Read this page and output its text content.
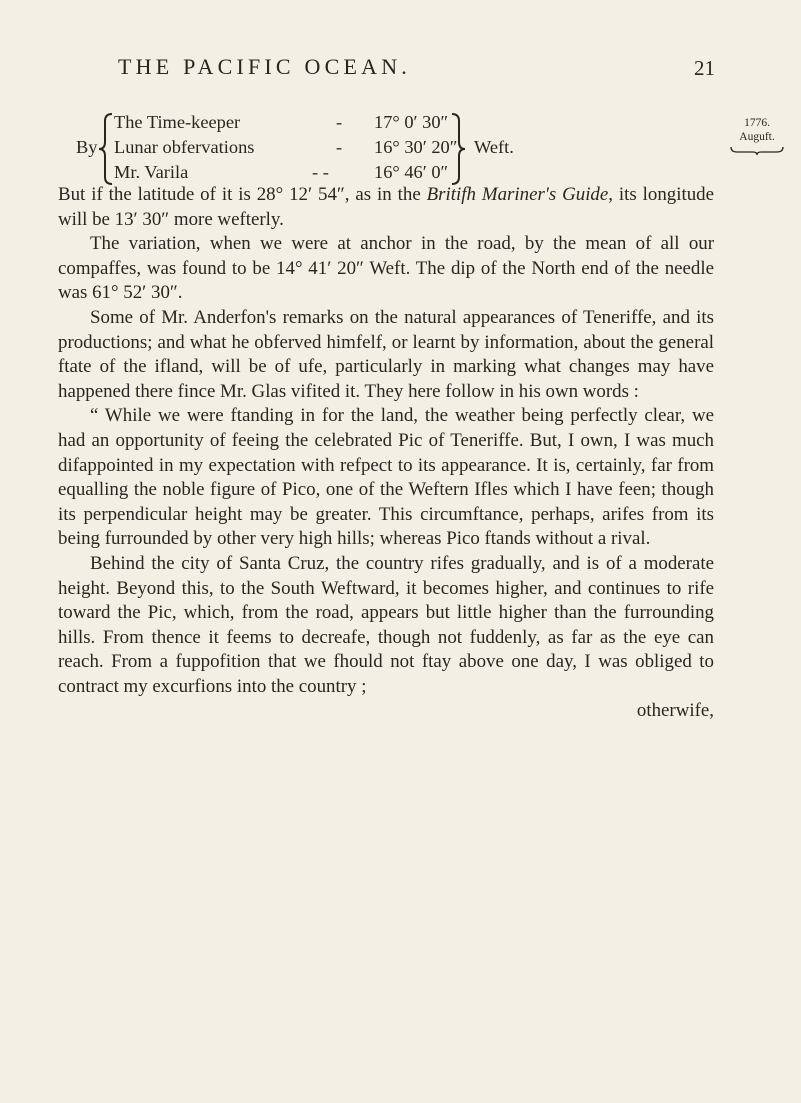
THE PACIFIC OCEAN.	21
1776.
Auguft.
By
The Time-keeper	- 17° 0′ 30″
Lunar obfervations	- 16° 30′ 20″
Mr. Varila	- - 16° 46′ 0″
Weft.

But if the latitude of it is 28° 12′ 54″, as in the Britifh Mariner's Guide, its longitude will be 13′ 30″ more wefterly.

The variation, when we were at anchor in the road, by the mean of all our compaffes, was found to be 14° 41′ 20″ Weft. The dip of the North end of the needle was 61° 52′ 30″.

Some of Mr. Anderfon's remarks on the natural appearances of Teneriffe, and its productions; and what he obferved himfelf, or learnt by information, about the general ftate of the ifland, will be of ufe, particularly in marking what changes may have happened there fince Mr. Glas vifited it. They here follow in his own words :

“ While we were ftanding in for the land, the weather being perfectly clear, we had an opportunity of feeing the celebrated Pic of Teneriffe. But, I own, I was much difappointed in my expectation with refpect to its appearance. It is, certainly, far from equalling the noble figure of Pico, one of the Weftern Ifles which I have feen; though its perpendicular height may be greater. This circumftance, perhaps, arifes from its being furrounded by other very high hills; whereas Pico ftands without a rival.

Behind the city of Santa Cruz, the country rifes gradually, and is of a moderate height. Beyond this, to the South Weftward, it becomes higher, and continues to rife toward the Pic, which, from the road, appears but little higher than the furrounding hills. From thence it feems to decreafe, though not fuddenly, as far as the eye can reach. From a fuppofition that we fhould not ftay above one day, I was obliged to contract my excurfions into the country ;

otherwife,
